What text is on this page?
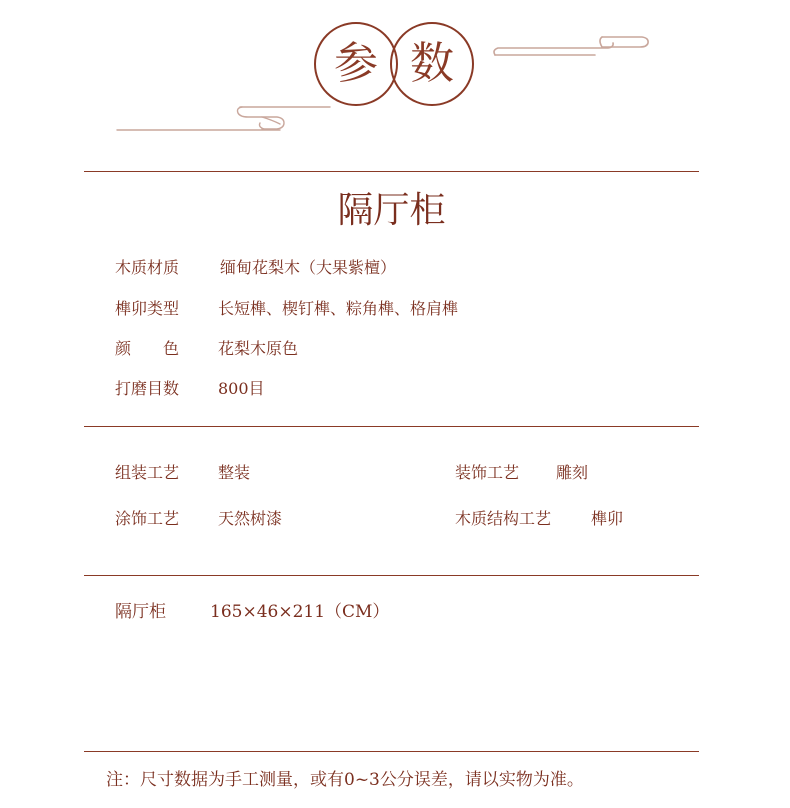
参 数
隔厅柜
木质材质	缅甸花梨木（大果紫檀）
榫卯类型 长短榫、楔钉榫、粽角榫、格肩榫
颜　　色 花梨木原色
打磨目数 800目
组装工艺 整装
涂饰工艺 天然树漆
装饰工艺 雕刻
木质结构工艺 榫卯
隔厅柜	165×46×211（CM）
注：尺寸数据为手工测量，或有0~3公分误差，请以实物为准。
